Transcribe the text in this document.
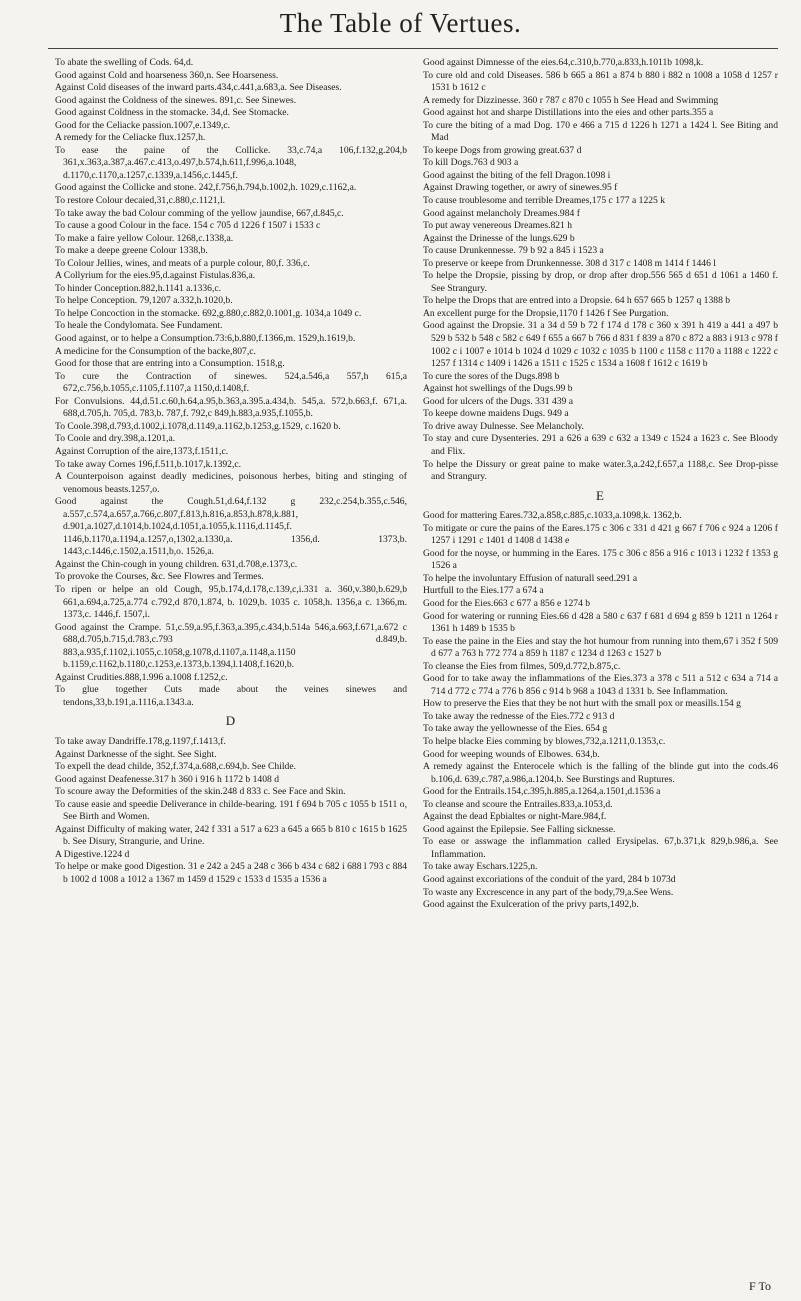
The Table of Vertues.

To abate the swelling of Cods. 64,d.

Good against Cold and hoarseness 360,n. See Hoarseness.

Against Cold diseases of the inward parts.434,c.441,a.683,a. See Diseases.

Good against the Coldness of the sinewes. 891,c. See Sinewes.

Good against Coldness in the stomacke. 34,d. See Stomacke.

Good for the Celiacke passion.1007,e.1349,c.

A remedy for the Celiacke flux.1257,h.

To ease the paine of the Collicke. 33,c.74,a 106,f.132,g.204,b 361,x.363,a.387,a.467.c.413,o.497,b.574,h.611,f.996,a.1048, d.1170,c.1170,a.1257,c.1339,a.1456,c.1445,f.

Good against the Collicke and stone. 242,f.756,h.794,b.1002,h. 1029,c.1162,a.

To restore Colour decaied,31,c.880,c.1121,l.

To take away the bad Colour comming of the yellow jaundise, 667,d.845,c.

To cause a good Colour in the face. 154 c 705 d 1226 f 1507 i 1533 c

To make a faire yellow Colour. 1268,c.1338,a.

To make a deepe greene Colour 1338,b.

To Colour Jellies, wines, and meats of a purple colour, 80,f. 336,c.

A Collyrium for the eies.95,d.against Fistulas.836,a.

To hinder Conception.882,h.1141 a.1336,c.

To helpe Conception. 79,1207 a.332,h.1020,b.

To helpe Concoction in the stomacke. 692,g.880,c.882,0.1001,g. 1034,a 1049 c.

To heale the Condylomata. See Fundament.

Good against, or to helpe a Consumption.73:6,b.880,f.1366,m. 1529,h.1619,b.

A medicine for the Consumption of the backe,807,c.

Good for those that are entring into a Consumption. 1518,g.

To cure the Contraction of sinewes. 524,a.546,a 557,h 615,a 672,c.756,b.1055,c.1105,f.1107,a 1150,d.1408,f.

For Convulsions. 44,d.51.c.60,h.64,a.95,b.363,a.395.a.434,b. 545,a. 572,b.663,f. 671,a. 688,d.705,h. 705,d. 783,b. 787,f. 792,c 849,h.883,a.935,f.1055,b.

To Coole.398,d.793,d.1002,i.1078,d.1149,a.1162,b.1253,g.1529, c.1620 b.

To Coole and dry.398,a.1201,a.

Against Corruption of the aire,1373,f.1511,c.

To take away Cornes 196,f.511,b.1017,k.1392,c.

A Counterpoison against deadly medicines, poisonous herbes, biting and stinging of venomous beasts.1257,o.

Good against the Cough.51,d.64,f.132 g 232,c.254,b.355,c.546, a.557,c.574,a.657,a.766,c.807,f.813,h.816,a.853,h.878,k.881, d.901,a.1027,d.1014,b.1024,d.1051,a.1055,k.1116,d.1145,f. 1146,b.1170,a.1194,a.1257,o,1302,a.1330,a. 1356,d. 1373,b. 1443,c.1446,c.1502,a.1511,b,o. 1526,a.

Against the Chin-cough in young children. 631,d.708,e.1373,c.

To provoke the Courses, &c. See Flowres and Termes.

To ripen or helpe an old Cough, 95,b.174,d.178,c.139,c,i.331 a. 360,v.380,b.629,b 661,a.694,a.725,a.774 c.792,d 870,1.874, b. 1029,b. 1035 c. 1058,h. 1356,a c. 1366,m. 1373,c. 1446,f. 1507,i.

Good against the Crampe. 51,c.59,a.95,f.363,a.395,c.434,b.514a 546,a.663,f.671,a.672 c 688,d.705,b.715,d.783,c.793 d.849,b. 883,a.935,f.1102,i.1055,c.1058,g.1078,d.1107,a.1148,a.1150 b.1159,c.1162,b.1180,c.1253,e.1373,b.1394,l.1408,f.1620,b.

Against Crudities.888,1.996 a.1008 f.1252,c.

To glue together Cuts made about the veines sinewes and tendons,33,b.191,a.1116,a.1343.a.

D

To take away Dandriffe.178,g.1197,f.1413,f.

Against Darknesse of the sight. See Sight.

To expell the dead childe, 352,f.374,a.688,c.694,b. See Childe.

Good against Deafenesse.317 h 360 i 916 h 1172 b 1408 d

To scoure away the Deformities of the skin.248 d 833 c. See Face and Skin.

To cause easie and speedie Deliverance in childe-bearing. 191 f 694 b 705 c 1055 b 1511 o, See Birth and Women.

Against Difficulty of making water, 242 f 331 a 517 a 623 a 645 a 665 b 810 c 1615 b 1625 b. See Disury, Strangurie, and Urine.

A Digestive.1224 d

To helpe or make good Digestion. 31 e 242 a 245 a 248 c 366 b 434 c 682 i 688 l 793 c 884 b 1002 d 1008 a 1012 a 1367 m 1459 d 1529 c 1533 d 1535 a 1536 a

Good against Dimnesse of the eies.64,c.310,b.770,a.833,h.1011b 1098,k.

To cure old and cold Diseases. 586 b 665 a 861 a 874 b 880 i 882 n 1008 a 1058 d 1257 r 1531 b 1612 c

A remedy for Dizzinesse. 360 r 787 c 870 c 1055 h See Head and Swimming

Good against hot and sharpe Distillations into the eies and other parts.355 a

To cure the biting of a mad Dog. 170 e 466 a 715 d 1226 h 1271 a 1424 l. See Biting and Mad

To keepe Dogs from growing great.637 d

To kill Dogs.763 d 903 a

Good against the biting of the fell Dragon.1098 i

Against Drawing together, or awry of sinewes.95 f

To cause troublesome and terrible Dreames,175 c 177 a 1225 k

Good against melancholy Dreames.984 f

To put away venereous Dreames.821 h

Against the Drinesse of the lungs.629 b

To cause Drunkennesse. 79 b 92 a 845 i 1523 a

To preserve or keepe from Drunkennesse. 308 d 317 c 1408 m 1414 f 1446 l

To helpe the Dropsie, pissing by drop, or drop after drop.556 565 d 651 d 1061 a 1460 f. See Strangury.

To helpe the Drops that are entred into a Dropsie. 64 h 657 665 b 1257 q 1388 b

An excellent purge for the Dropsie,1170 f 1426 f See Purgation.

Good against the Dropsie. 31 a 34 d 59 b 72 f 174 d 178 c 360 x 391 h 419 a 441 a 497 b 529 b 532 b 548 c 582 c 649 f 655 a 667 b 766 d 831 f 839 a 870 c 872 a 883 i 913 c 978 f 1002 c i 1007 e 1014 b 1024 d 1029 c 1032 c 1035 b 1100 c 1158 c 1170 a 1188 c 1222 c 1257 f 1314 c 1409 i 1426 a 1511 c 1525 c 1534 a 1608 f 1612 c 1619 b

To cure the sores of the Dugs.898 b

Against hot swellings of the Dugs.99 b

Good for ulcers of the Dugs. 331 439 a

To keepe downe maidens Dugs. 949 a

To drive away Dulnesse. See Melancholy.

To stay and cure Dysenteries. 291 a 626 a 639 c 632 a 1349 c 1524 a 1623 c. See Bloody and Flix.

To helpe the Dissury or great paine to make water.3,a.242,f.657,a 1188,c. See Drop-pisse and Strangury.

E

Good for mattering Eares.732,a.858,c.885,c.1033,a.1098,k. 1362,b.

To mitigate or cure the pains of the Eares.175 c 306 c 331 d 421 g 667 f 706 c 924 a 1206 f 1257 i 1291 c 1401 d 1408 d 1438 e

Good for the noyse, or humming in the Eares. 175 c 306 c 856 a 916 c 1013 i 1232 f 1353 g 1526 a

To helpe the involuntary Effusion of naturall seed.291 a

Hurtfull to the Eies.177 a 674 a

Good for the Eies.663 c 677 a 856 e 1274 b

Good for watering or running Eies.66 d 428 a 580 c 637 f 681 d 694 g 859 b 1211 n 1264 r 1361 h 1489 b 1535 b

To ease the paine in the Eies and stay the hot humour from running into them,67 i 352 f 509 d 677 a 763 h 772 774 a 859 h 1187 c 1234 d 1263 c 1527 b

To cleanse the Eies from filmes, 509,d.772,b.875,c.

Good for to take away the inflammations of the Eies.373 a 378 c 511 a 512 c 634 a 714 a 714 d 772 c 774 a 776 b 856 c 914 b 968 a 1043 d 1331 b. See Inflammation.

How to preserve the Eies that they be not hurt with the small pox or measills.154 g

To take away the rednesse of the Eies.772 c 913 d

To take away the yellownesse of the Eies. 654 g

To helpe blacke Eies comming by blowes,732,a.1211,0.1353,c.

Good for weeping wounds of Elbowes. 634,b.

A remedy against the Enterocele which is the falling of the blinde gut into the cods.46 b.106,d. 639,c.787,a.986,a.1204,b. See Burstings and Ruptures.

Good for the Entrails.154,c.395,h.885,a.1264,a.1501,d.1536 a

To cleanse and scoure the Entrailes.833,a.1053,d.

Against the dead Epbialtes or night-Mare.984,f.

Good against the Epilepsie. See Falling sicknesse.

To ease or asswage the inflammation called Erysipelas. 67,b.371,k 829,b.986,a. See Inflammation.

To take away Eschars.1225,n.

Good against excoriations of the conduit of the yard, 284 b 1073d

To waste any Excrescence in any part of the body,79,a.See Wens.

Good against the Exulceration of the privy parts,1492,b.

F To
